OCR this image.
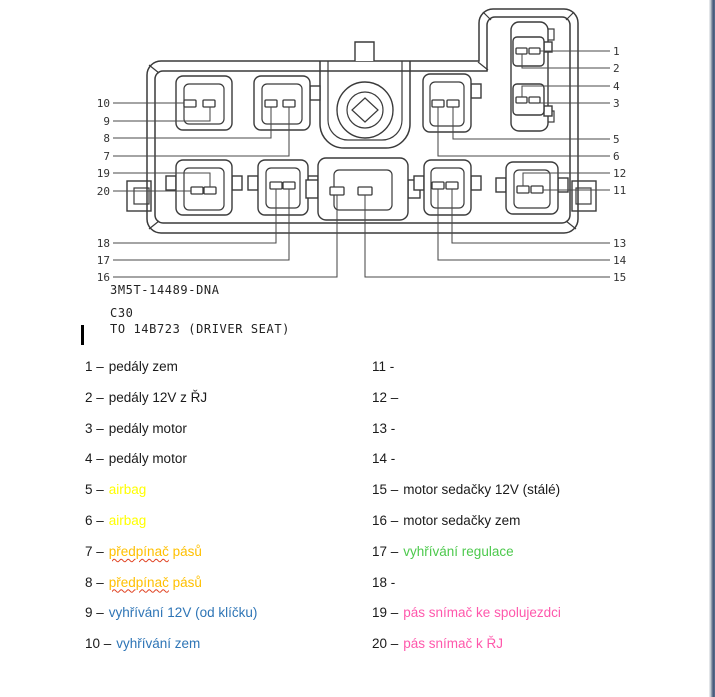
10
9
8
7
19
20
18
17
16
1
2
4
3
5
6
12
11
13
14
15
3M5T-14489-DNA
C30
TO 14B723 (DRIVER SEAT)
1 – pedály zem
2 – pedály 12V z ŘJ
3 – pedály motor
4 – pedály motor
5 – airbag
6 – airbag
7 – předpínač pásů
8 – předpínač pásů
9 – vyhřívání 12V (od klíčku)
10 – vyhřívání zem
11 -
12 –
13 -
14 -
15 – motor sedačky 12V (stálé)
16 – motor sedačky zem
17 – vyhřívání regulace
18 -
19 – pás snímač ke spolujezdci
20 – pás snímač k ŘJ
